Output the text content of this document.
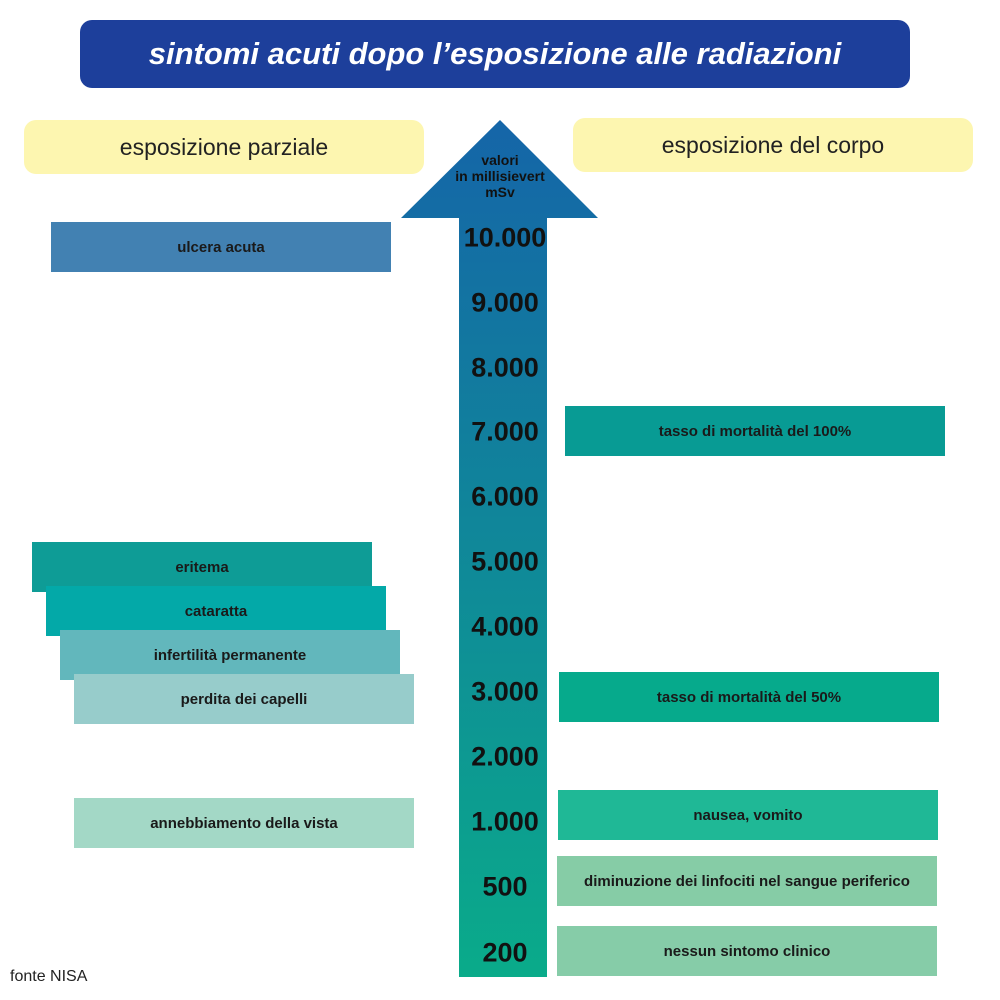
sintomi acuti dopo l’esposizione alle radiazioni
esposizione parziale	esposizione del corpo
valori
in millisievert
mSv
10.000
9.000
8.000
7.000
6.000
5.000
4.000
3.000
2.000
1.000
500
200
ulcera acuta
eritema
cataratta
infertilità permanente
perdita dei capelli
annebbiamento della vista
tasso di mortalità del 100%
tasso di mortalità del 50%
nausea, vomito
diminuzione dei linfociti nel sangue periferico
nessun sintomo clinico
fonte NISA
